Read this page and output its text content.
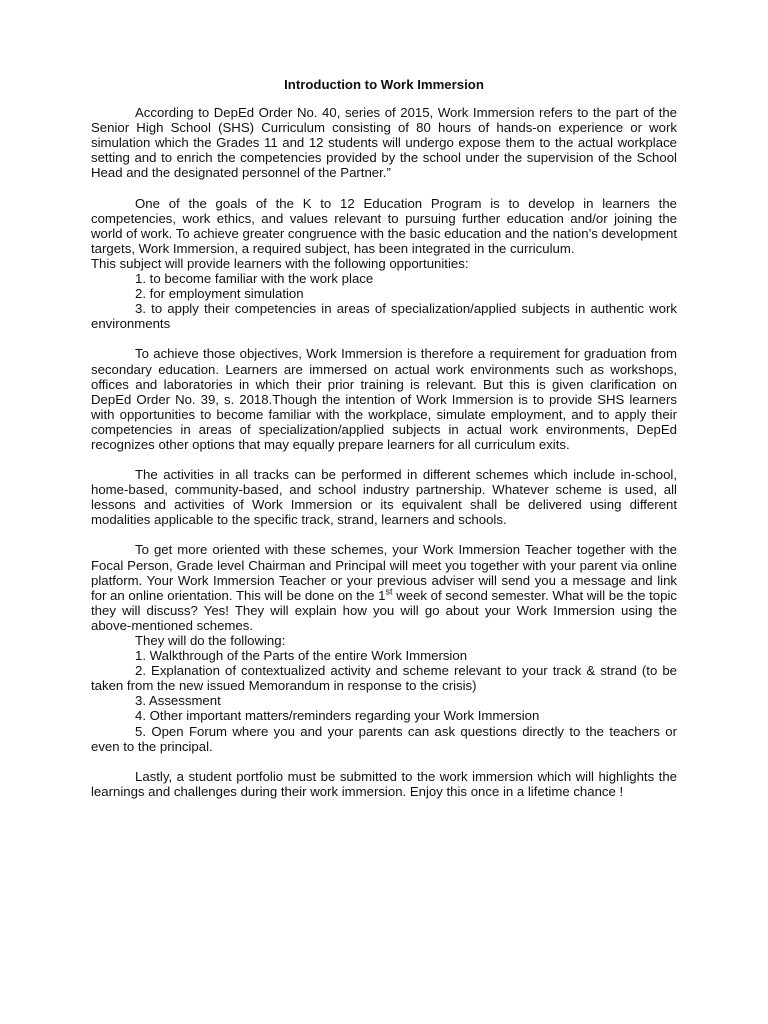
Introduction to Work Immersion

According to DepEd Order No. 40, series of 2015, Work Immersion refers to the part of the Senior High School (SHS) Curriculum consisting of 80 hours of hands-on experience or work simulation which the Grades 11 and 12 students will undergo expose them to the actual workplace setting and to enrich the competencies provided by the school under the supervision of the School Head and the designated personnel of the Partner.”

One of the goals of the K to 12 Education Program is to develop in learners the competencies, work ethics, and values relevant to pursuing further education and/or joining the world of work. To achieve greater congruence with the basic education and the nation’s development targets, Work Immersion, a required subject, has been integrated in the curriculum.

This subject will provide learners with the following opportunities:

1. to become familiar with the work place

2. for employment simulation

3. to apply their competencies in areas of specialization/applied subjects in authentic work environments

To achieve those objectives, Work Immersion is therefore a requirement for graduation from secondary education. Learners are immersed on actual work environments such as workshops, offices and laboratories in which their prior training is relevant. But this is given clarification on DepEd Order No. 39, s. 2018.Though the intention of Work Immersion is to provide SHS learners with opportunities to become familiar with the workplace, simulate employment, and to apply their competencies in areas of specialization/applied subjects in actual work environments, DepEd recognizes other options that may equally prepare learners for all curriculum exits.

The activities in all tracks can be performed in different schemes which include in-school, home-based, community-based, and school industry partnership. Whatever scheme is used, all lessons and activities of Work Immersion or its equivalent shall be delivered using different modalities applicable to the specific track, strand, learners and schools.

To get more oriented with these schemes, your Work Immersion Teacher together with the Focal Person, Grade level Chairman and Principal will meet you together with your parent via online platform. Your Work Immersion Teacher or your previous adviser will send you a message and link for an online orientation. This will be done on the 1st week of second semester. What will be the topic they will discuss? Yes! They will explain how you will go about your Work Immersion using the above-mentioned schemes.

They will do the following:

1. Walkthrough of the Parts of the entire Work Immersion

2. Explanation of contextualized activity and scheme relevant to your track & strand (to be taken from the new issued Memorandum in response to the crisis)

3. Assessment

4. Other important matters/reminders regarding your Work Immersion

5. Open Forum where you and your parents can ask questions directly to the teachers or even to the principal.

Lastly, a student portfolio must be submitted to the work immersion which will highlights the learnings and challenges during their work immersion. Enjoy this once in a lifetime chance !
